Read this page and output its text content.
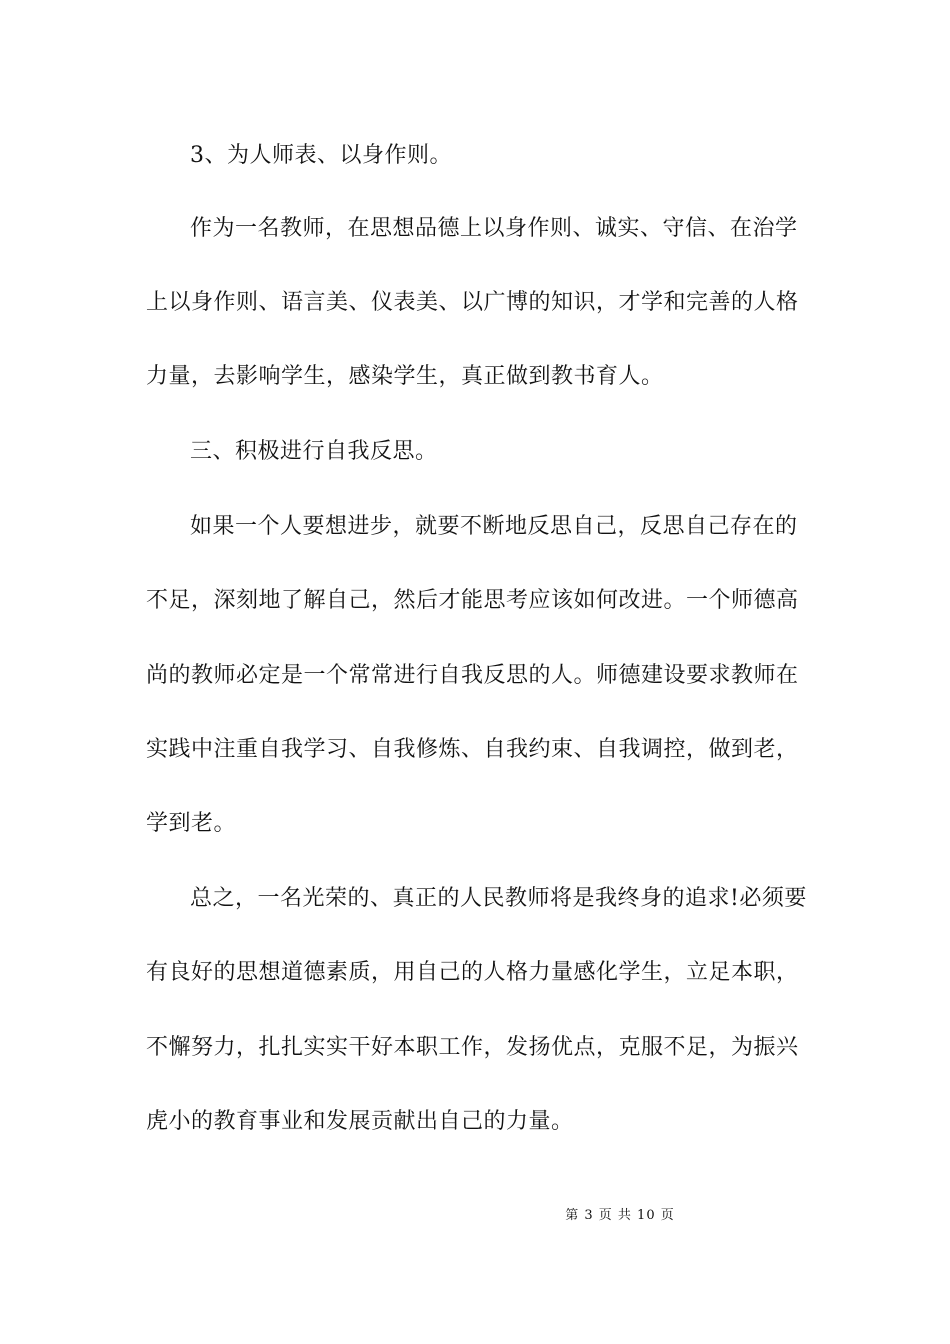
3、为人师表、以身作则。
作为一名教师，在思想品德上以身作则、诚实、守信、在治学
上以身作则、语言美、仪表美、以广博的知识，才学和完善的人格
力量，去影响学生，感染学生，真正做到教书育人。
三、积极进行自我反思。
如果一个人要想进步，就要不断地反思自己，反思自己存在的
不足，深刻地了解自己，然后才能思考应该如何改进。一个师德高
尚的教师必定是一个常常进行自我反思的人。师德建设要求教师在
实践中注重自我学习、自我修炼、自我约束、自我调控，做到老，
学到老。
总之，一名光荣的、真正的人民教师将是我终身的追求!必须要
有良好的思想道德素质，用自己的人格力量感化学生，立足本职，
不懈努力，扎扎实实干好本职工作，发扬优点，克服不足，为振兴
虎小的教育事业和发展贡献出自己的力量。
第 3 页 共 10 页
